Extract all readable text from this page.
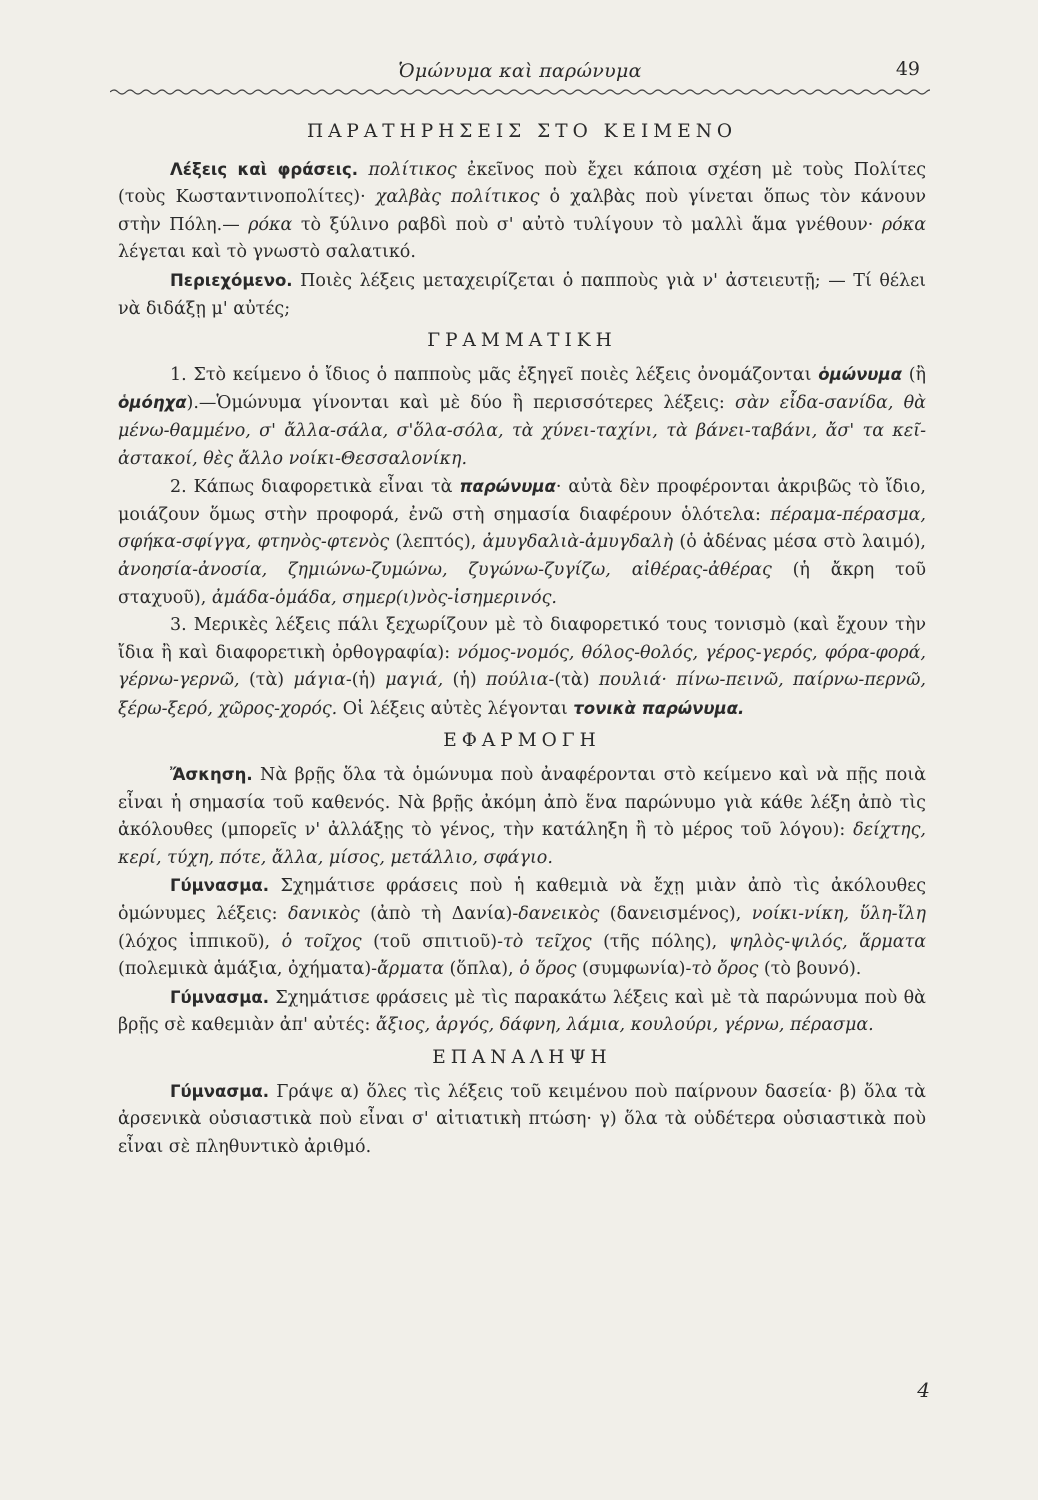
Ὁμώνυμα καὶ παρώνυμα	49

ΠΑΡΑΤΗΡΗΣΕΙΣ ΣΤΟ ΚΕΙΜΕΝΟ

Λέξεις καὶ φράσεις. πολίτικος ἐκεῖνος ποὺ ἔχει κάποια σχέση μὲ τοὺς Πολίτες (τοὺς Κωσταντινοπολίτες)· χαλβὰς πολίτικος ὁ χαλβὰς ποὺ γίνεται ὅπως τὸν κάνουν στὴν Πόλη.— ρόκα τὸ ξύλινο ραβδὶ ποὺ σ' αὐτὸ τυλίγουν τὸ μαλλὶ ἅμα γνέθουν· ρόκα λέγεται καὶ τὸ γνωστὸ σαλατικό.

Περιεχόμενο. Ποιὲς λέξεις μεταχειρίζεται ὁ παπποὺς γιὰ ν' ἀστειευτῇ; — Τί θέλει νὰ διδάξῃ μ' αὐτές;

ΓΡΑΜΜΑΤΙΚΗ

1. Στὸ κείμενο ὁ ἴδιος ὁ παπποὺς μᾶς ἐξηγεῖ ποιὲς λέξεις ὀνομάζονται ὁμώνυμα (ἢ ὁμόηχα).—Ὁμώνυμα γίνονται καὶ μὲ δύο ἢ περισσότερες λέξεις: σὰν εἶδα-σανίδα, θὰ μένω-θαμμένο, σ' ἄλλα-σάλα, σ'ὅλα-σόλα, τὰ χύνει-ταχίνι, τὰ βάνει-ταβάνι, ἄσ' τα κεῖ-ἀστακοί, θὲς ἄλλο νοίκι-Θεσσαλονίκη.

2. Κάπως διαφορετικὰ εἶναι τὰ παρώνυμα· αὐτὰ δὲν προφέρονται ἀκριβῶς τὸ ἴδιο, μοιάζουν ὅμως στὴν προφορά, ἐνῶ στὴ σημασία διαφέρουν ὁλότελα: πέραμα-πέρασμα, σφήκα-σφίγγα, φτηνὸς-φτενὸς (λεπτός), ἀμυγδαλιὰ-ἀμυγδαλὴ (ὁ ἀδένας μέσα στὸ λαιμό), ἀνοησία-ἀνοσία, ζημιώνω-ζυμώνω, ζυγώνω-ζυγίζω, αἰθέρας-ἀθέρας (ἡ ἄκρη τοῦ σταχυοῦ), ἀμάδα-ὁμάδα, σημερ(ι)νὸς-ἰσημερινός.

3. Μερικὲς λέξεις πάλι ξεχωρίζουν μὲ τὸ διαφορετικό τους τονισμὸ (καὶ ἔχουν τὴν ἴδια ἢ καὶ διαφορετικὴ ὀρθογραφία): νόμος-νομός, θόλος-θολός, γέρος-γερός, φόρα-φορά, γέρνω-γερνῶ, (τὰ) μάγια-(ἡ) μαγιά, (ἡ) πούλια-(τὰ) πουλιά· πίνω-πεινῶ, παίρνω-περνῶ, ξέρω-ξερό, χῶρος-χορός. Οἱ λέξεις αὐτὲς λέγονται τονικὰ παρώνυμα.

ΕΦΑΡΜΟΓΗ

Ἄσκηση. Νὰ βρῇς ὅλα τὰ ὁμώνυμα ποὺ ἀναφέρονται στὸ κείμενο καὶ νὰ πῇς ποιὰ εἶναι ἡ σημασία τοῦ καθενός. Νὰ βρῇς ἀκόμη ἀπὸ ἕνα παρώνυμο γιὰ κάθε λέξη ἀπὸ τὶς ἀκόλουθες (μπορεῖς ν' ἀλλάξῃς τὸ γένος, τὴν κατάληξη ἢ τὸ μέρος τοῦ λόγου): δείχτης, κερί, τύχη, πότε, ἄλλα, μίσος, μετάλλιο, σφάγιο.

Γύμνασμα. Σχημάτισε φράσεις ποὺ ἡ καθεμιὰ νὰ ἔχῃ μιὰν ἀπὸ τὶς ἀκόλουθες ὁμώνυμες λέξεις: δανικὸς (ἀπὸ τὴ Δανία)-δανεικὸς (δανεισμένος), νοίκι-νίκη, ὕλη-ἴλη (λόχος ἱππικοῦ), ὁ τοῖχος (τοῦ σπιτιοῦ)-τὸ τεῖχος (τῆς πόλης), ψηλὸς-ψιλός, ἅρματα (πολεμικὰ ἁμάξια, ὀχήματα)-ἄρματα (ὅπλα), ὁ ὅρος (συμφωνία)-τὸ ὄρος (τὸ βουνό).

Γύμνασμα. Σχημάτισε φράσεις μὲ τὶς παρακάτω λέξεις καὶ μὲ τὰ παρώνυμα ποὺ θὰ βρῇς σὲ καθεμιὰν ἀπ' αὐτές: ἄξιος, ἀργός, δάφνη, λάμια, κουλούρι, γέρνω, πέρασμα.

ΕΠΑΝΑΛΗΨΗ

Γύμνασμα. Γράψε α) ὅλες τὶς λέξεις τοῦ κειμένου ποὺ παίρνουν δασεία· β) ὅλα τὰ ἀρσενικὰ οὐσιαστικὰ ποὺ εἶναι σ' αἰτιατικὴ πτώση· γ) ὅλα τὰ οὐδέτερα οὐσιαστικὰ ποὺ εἶναι σὲ πληθυντικὸ ἀριθμό.

4
